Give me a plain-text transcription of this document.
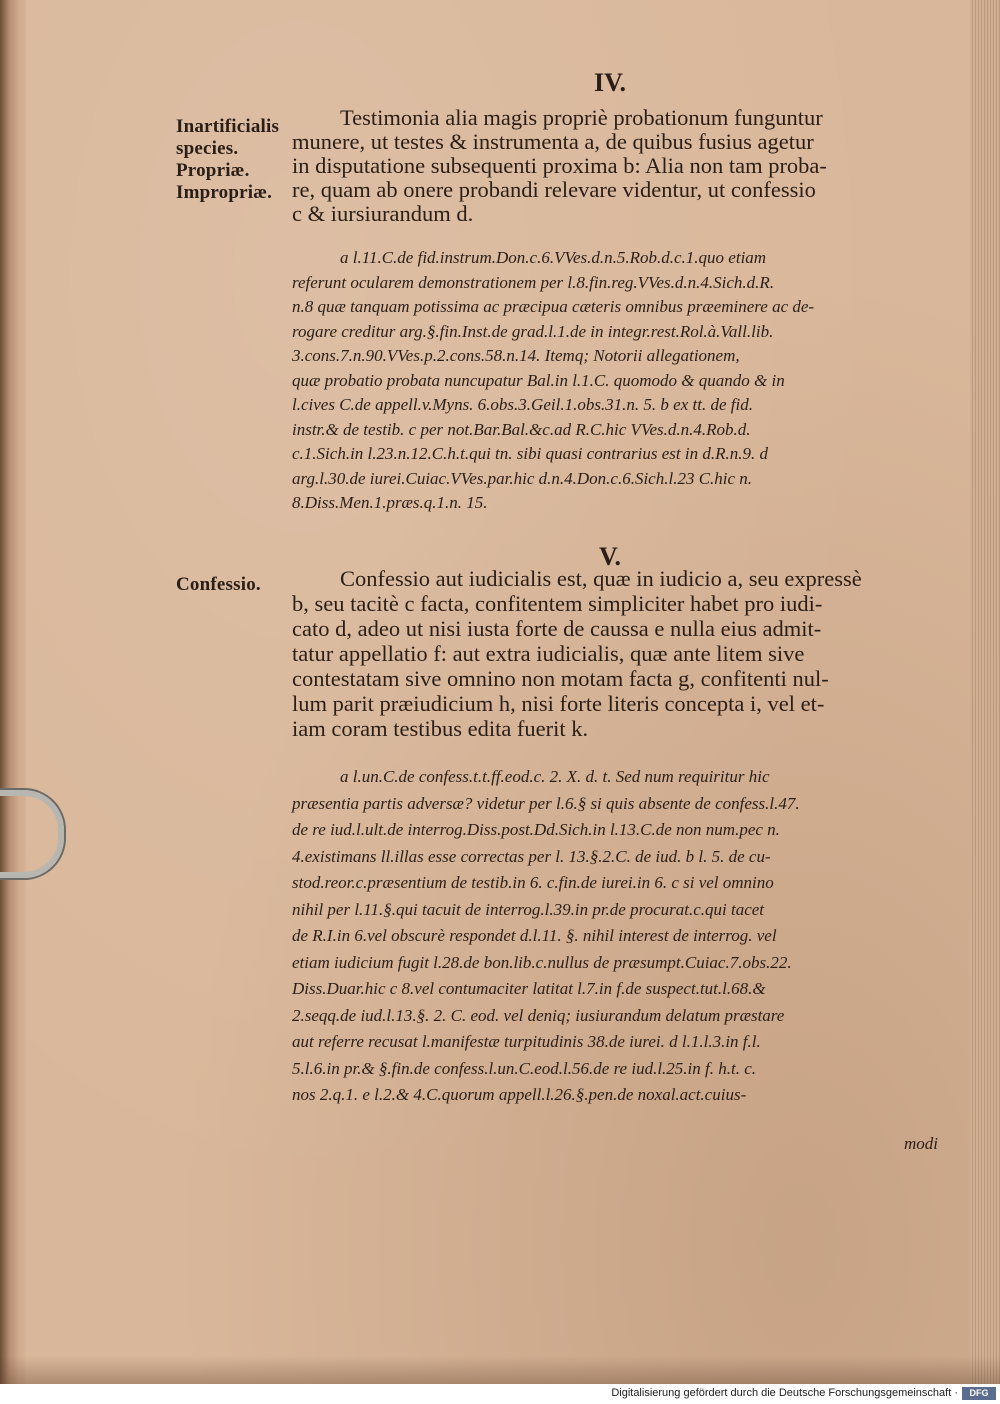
IV.
Inartificialis
species.
Propriæ.
Impropriæ.
Testimonia alia magis propriè probationum funguntur
munere, ut testes & instrumenta a, de quibus fusius agetur
in disputatione subsequenti proxima b: Alia non tam proba-
re, quam ab onere probandi relevare videntur, ut confessio
c & iursiurandum d.
a l.11.C.de fid.instrum.Don.c.6.VVes.d.n.5.Rob.d.c.1.quo etiam
referunt ocularem demonstrationem per l.8.fin.reg.VVes.d.n.4.Sich.d.R.
n.8 quæ tanquam potissima ac præcipua cæteris omnibus præeminere ac de-
rogare creditur arg.§.fin.Inst.de grad.l.1.de in integr.rest.Rol.à.Vall.lib.
3.cons.7.n.90.VVes.p.2.cons.58.n.14. Itemq; Notorii allegationem,
quæ probatio probata nuncupatur Bal.in l.1.C. quomodo & quando & in
l.cives C.de appell.v.Myns. 6.obs.3.Geil.1.obs.31.n. 5. b ex tt. de fid.
instr.& de testib. c per not.Bar.Bal.&c.ad R.C.hic VVes.d.n.4.Rob.d.
c.1.Sich.in l.23.n.12.C.h.t.qui tn. sibi quasi contrarius est in d.R.n.9. d
arg.l.30.de iurei.Cuiac.VVes.par.hic d.n.4.Don.c.6.Sich.l.23 C.hic n.
8.Diss.Men.1.præs.q.1.n. 15.
V.
Confessio.	Confessio aut iudicialis est, quæ in iudicio a, seu expressè
b, seu tacitè c facta, confitentem simpliciter habet pro iudi-
cato d, adeo ut nisi iusta forte de caussa e nulla eius admit-
tatur appellatio f: aut extra iudicialis, quæ ante litem sive
contestatam sive omnino non motam facta g, confitenti nul-
lum parit præiudicium h, nisi forte literis concepta i, vel et-
iam coram testibus edita fuerit k.
a l.un.C.de confess.t.t.ff.eod.c. 2. X. d. t. Sed num requiritur hic
præsentia partis adversæ? videtur per l.6.§ si quis absente de confess.l.47.
de re iud.l.ult.de interrog.Diss.post.Dd.Sich.in l.13.C.de non num.pec n.
4.existimans ll.illas esse correctas per l. 13.§.2.C. de iud. b l. 5. de cu-
stod.reor.c.præsentium de testib.in 6. c.fin.de iurei.in 6. c si vel omnino
nihil per l.11.§.qui tacuit de interrog.l.39.in pr.de procurat.c.qui tacet
de R.I.in 6.vel obscurè respondet d.l.11. §. nihil interest de interrog. vel
etiam iudicium fugit l.28.de bon.lib.c.nullus de præsumpt.Cuiac.7.obs.22.
Diss.Duar.hic c 8.vel contumaciter latitat l.7.in f.de suspect.tut.l.68.&
2.seqq.de iud.l.13.§. 2. C. eod. vel deniq; iusiurandum delatum præstare
aut referre recusat l.manifestæ turpitudinis 38.de iurei. d l.1.l.3.in f.l.
5.l.6.in pr.& §.fin.de confess.l.un.C.eod.l.56.de re iud.l.25.in f. h.t. c.
nos 2.q.1. e l.2.& 4.C.quorum appell.l.26.§.pen.de noxal.act.cuius-
modi
Digitalisierung gefördert durch die Deutsche Forschungsgemeinschaft ·	DFG
